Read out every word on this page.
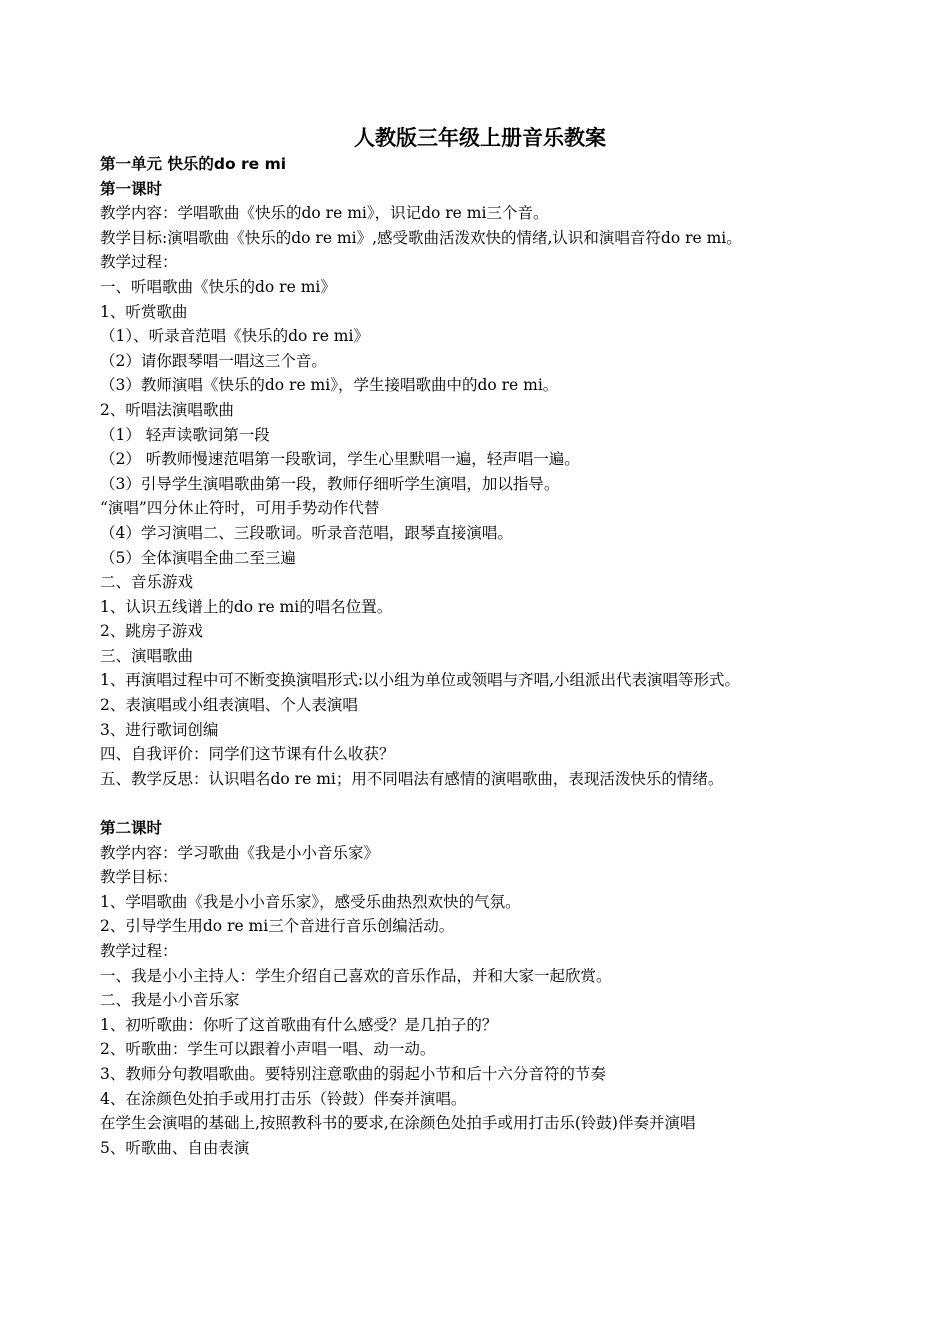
人教版三年级上册音乐教案

第一单元 快乐的do re mi

第一课时

教学内容：学唱歌曲《快乐的do re mi》，识记do re mi三个音。

教学目标:演唱歌曲《快乐的do re mi》,感受歌曲活泼欢快的情绪,认识和演唱音符do re mi。

教学过程：

一、听唱歌曲《快乐的do re mi》

1、听赏歌曲

（1）、听录音范唱《快乐的do re mi》

（2）请你跟琴唱一唱这三个音。

（3）教师演唱《快乐的do re mi》，学生接唱歌曲中的do re mi。

2、听唱法演唱歌曲

（1） 轻声读歌词第一段

（2） 听教师慢速范唱第一段歌词，学生心里默唱一遍，轻声唱一遍。

（3）引导学生演唱歌曲第一段，教师仔细听学生演唱，加以指导。

“演唱”四分休止符时，可用手势动作代替

（4）学习演唱二、三段歌词。听录音范唱，跟琴直接演唱。

（5）全体演唱全曲二至三遍

二、音乐游戏

1、认识五线谱上的do re mi的唱名位置。

2、跳房子游戏

三、演唱歌曲

1、再演唱过程中可不断变换演唱形式:以小组为单位或领唱与齐唱,小组派出代表演唱等形式。

2、表演唱或小组表演唱、个人表演唱

3、进行歌词创编

四、自我评价：同学们这节课有什么收获？

五、教学反思：认识唱名do re mi；用不同唱法有感情的演唱歌曲，表现活泼快乐的情绪。

第二课时

教学内容：学习歌曲《我是小小音乐家》

教学目标：

1、学唱歌曲《我是小小音乐家》，感受乐曲热烈欢快的气氛。

2、引导学生用do re mi三个音进行音乐创编活动。

教学过程：

一、我是小小主持人：学生介绍自己喜欢的音乐作品，并和大家一起欣赏。

二、我是小小音乐家

1、初听歌曲：你听了这首歌曲有什么感受？是几拍子的？

2、听歌曲：学生可以跟着小声唱一唱、动一动。

3、教师分句教唱歌曲。要特别注意歌曲的弱起小节和后十六分音符的节奏

4、在涂颜色处拍手或用打击乐（铃鼓）伴奏并演唱。

在学生会演唱的基础上,按照教科书的要求,在涂颜色处拍手或用打击乐(铃鼓)伴奏并演唱

5、听歌曲、自由表演
